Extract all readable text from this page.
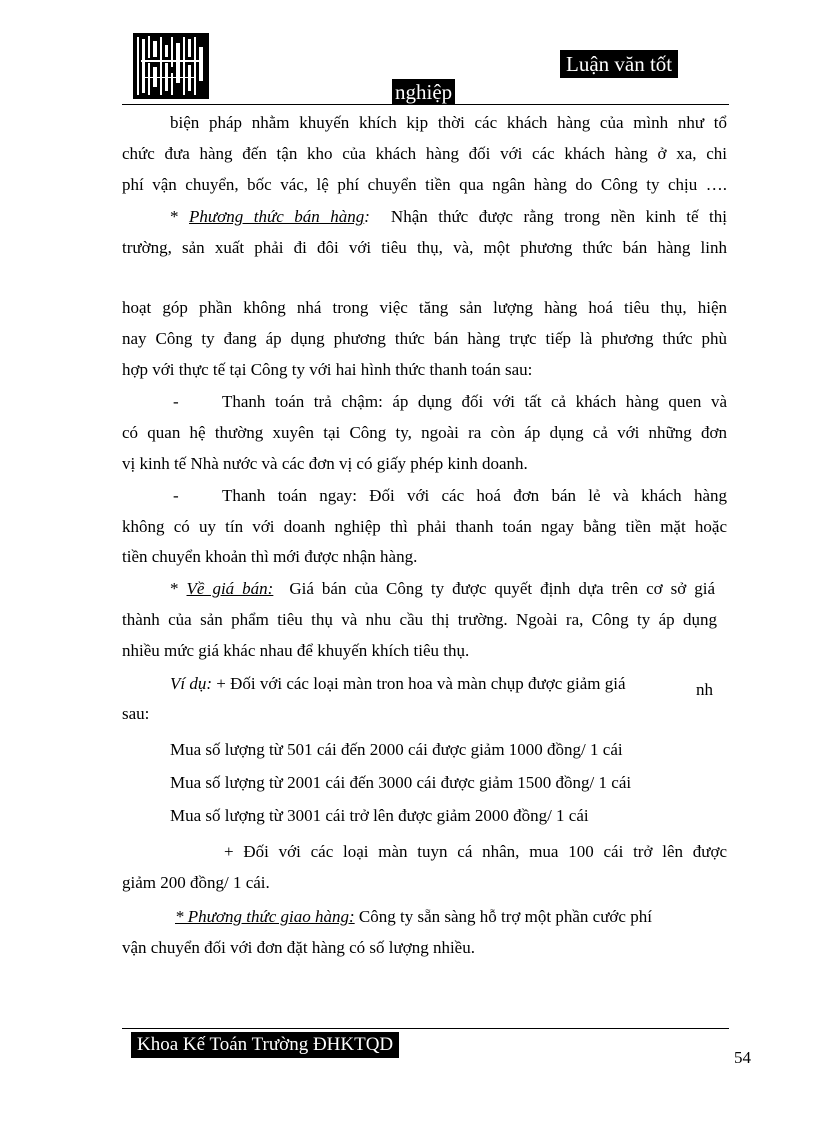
Luận văn tốt
nghiệp
biện pháp nhằm khuyến khích kịp thời các khách hàng của mình như tổ
chức đưa hàng đến tận kho của khách hàng đối với các khách hàng ở xa, chi
phí vận chuyển, bốc vác, lệ phí chuyển tiền qua ngân hàng do Công ty chịu ….
* Phương thức bán hàng: Nhận thức được rằng trong nền kinh tế thị
trường, sản xuất phải đi đôi với tiêu thụ, và, một phương thức bán hàng linh
hoạt góp phần không nhá trong việc tăng sản lượng hàng hoá tiêu thụ, hiện
nay Công ty đang áp dụng phương thức bán hàng trực tiếp là phương thức phù
hợp với thực tế tại Công ty với hai hình thức thanh toán sau:
-	Thanh toán trả chậm: áp dụng đối với tất cả khách hàng quen và
có quan hệ thường xuyên tại Công ty, ngoài ra còn áp dụng cả với những đơn
vị kinh tế Nhà nước và các đơn vị có giấy phép kinh doanh.
-	Thanh toán ngay: Đối với các hoá đơn bán lẻ và khách hàng
không có uy tín với doanh nghiệp thì phải thanh toán ngay bằng tiền mặt hoặc
tiền chuyển khoản thì mới được nhận hàng.
* Về giá bán: Giá bán của Công ty được quyết định dựa trên cơ sở giá
thành của sản phẩm tiêu thụ và nhu cầu thị trường. Ngoài ra, Công ty áp dụng
nhiều mức giá khác nhau để khuyến khích tiêu thụ.
Ví dụ: + Đối với các loại màn tron hoa và màn chụp được giảm giá	nh
sau:
Mua số lượng từ 501 cái đến 2000 cái được giảm 1000 đồng/ 1 cái
Mua số lượng từ 2001 cái đến 3000 cái được giảm 1500 đồng/ 1 cái
Mua số lượng từ 3001 cái trở lên được giảm 2000 đồng/ 1 cái
+ Đối với các loại màn tuyn cá nhân, mua 100 cái trở lên được
giảm 200 đồng/ 1 cái.
* Phương thức giao hàng: Công ty sẵn sàng hỗ trợ một phần cước phí
vận chuyển đối với đơn đặt hàng có số lượng nhiều.
Khoa Kế Toán Trường ĐHKTQD
54
